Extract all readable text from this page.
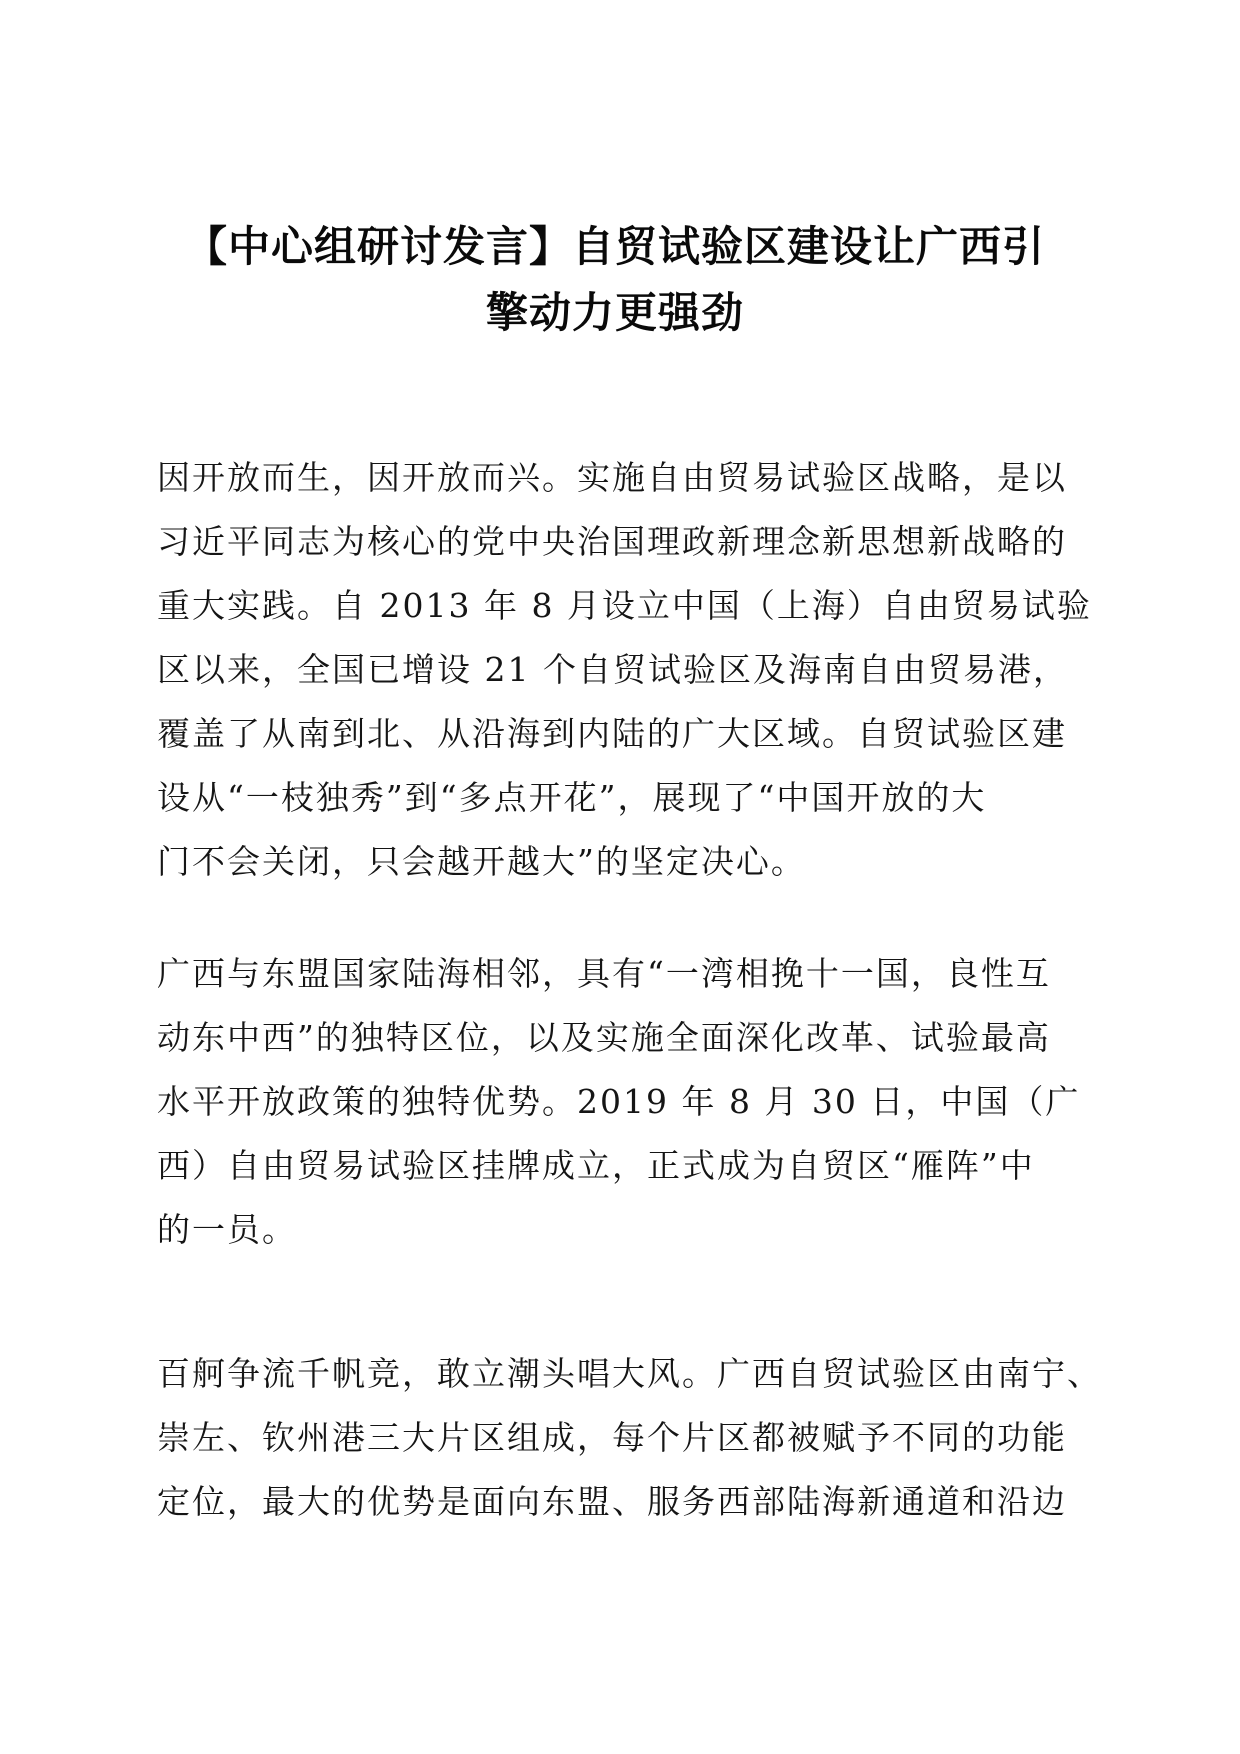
【中心组研讨发言】自贸试验区建设让广西引
擎动力更强劲
因开放而生，因开放而兴。实施自由贸易试验区战略，是以
习近平同志为核心的党中央治国理政新理念新思想新战略的
重大实践。自 2013 年 8 月设立中国（上海）自由贸易试验
区以来，全国已增设 21 个自贸试验区及海南自由贸易港，
覆盖了从南到北、从沿海到内陆的广大区域。自贸试验区建
设从“一枝独秀”到“多点开花”，展现了“中国开放的大
门不会关闭，只会越开越大”的坚定决心。
广西与东盟国家陆海相邻，具有“一湾相挽十一国，良性互
动东中西”的独特区位，以及实施全面深化改革、试验最高
水平开放政策的独特优势。2019 年 8 月 30 日，中国（广
西）自由贸易试验区挂牌成立，正式成为自贸区“雁阵”中
的一员。
百舸争流千帆竞，敢立潮头唱大风。广西自贸试验区由南宁、
崇左、钦州港三大片区组成，每个片区都被赋予不同的功能
定位，最大的优势是面向东盟、服务西部陆海新通道和沿边
